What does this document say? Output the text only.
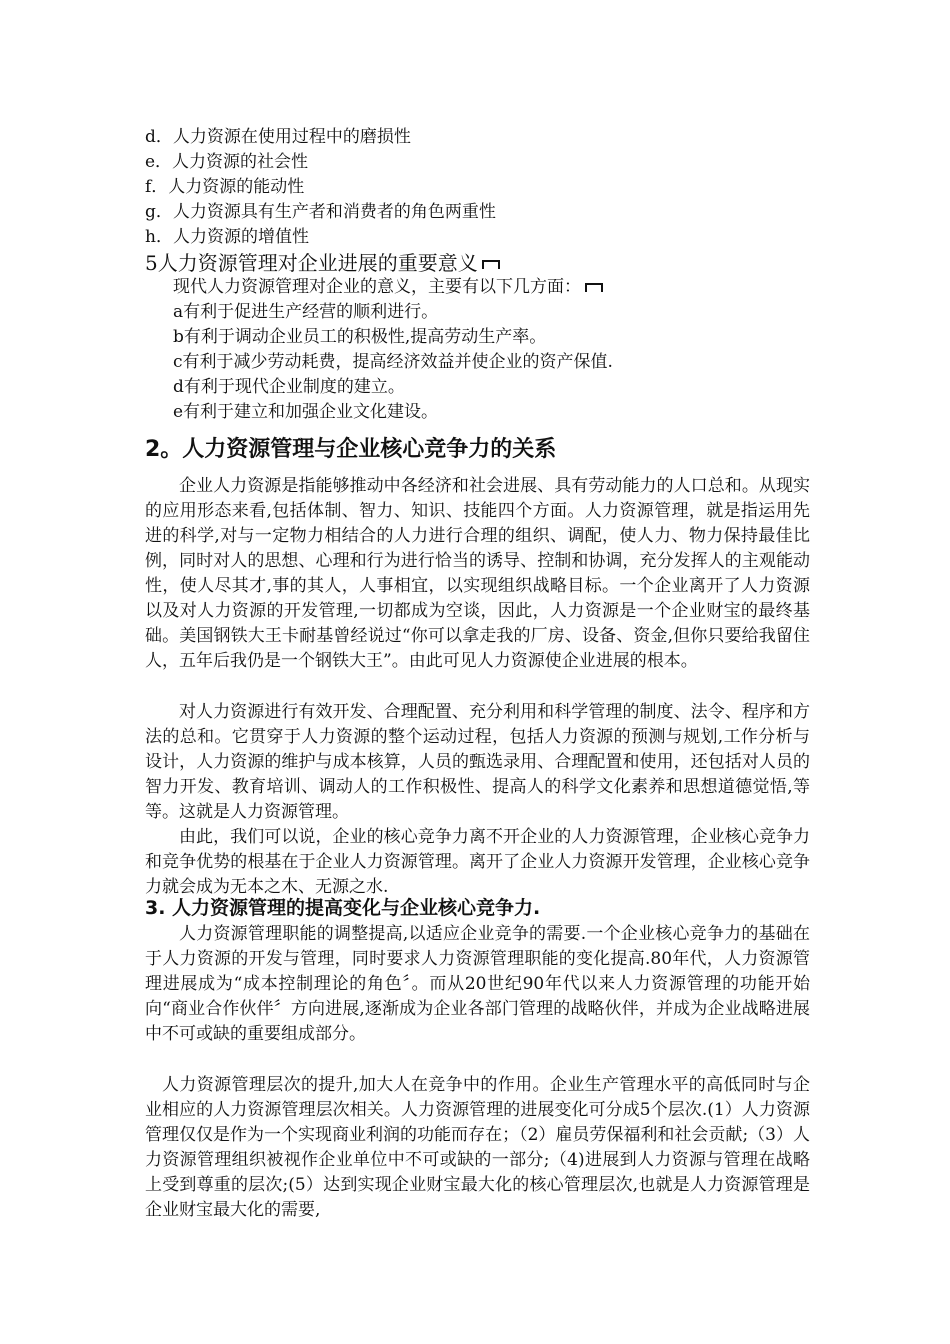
d．人力资源在使用过程中的磨损性
e．人力资源的社会性
f．人力资源的能动性
g．人力资源具有生产者和消费者的角色两重性
h．人力资源的增值性
5人力资源管理对企业进展的重要意义
现代人力资源管理对企业的意义，主要有以下几方面：
a有利于促进生产经营的顺利进行。
b有利于调动企业员工的积极性,提高劳动生产率。
c有利于减少劳动耗费，提高经济效益并使企业的资产保值.
d有利于现代企业制度的建立。
e有利于建立和加强企业文化建设。
2。人力资源管理与企业核心竞争力的关系
企业人力资源是指能够推动中各经济和社会进展、具有劳动能力的人口总和。从现实的应用形态来看,包括体制、智力、知识、技能四个方面。人力资源管理，就是指运用先进的科学,对与一定物力相结合的人力进行合理的组织、调配，使人力、物力保持最佳比例，同时对人的思想、心理和行为进行恰当的诱导、控制和协调，充分发挥人的主观能动性，使人尽其才,事的其人，人事相宜，以实现组织战略目标。一个企业离开了人力资源以及对人力资源的开发管理,一切都成为空谈，因此，人力资源是一个企业财宝的最终基础。美国钢铁大王卡耐基曾经说过“你可以拿走我的厂房、设备、资金,但你只要给我留住人，五年后我仍是一个钢铁大王”。由此可见人力资源使企业进展的根本。
对人力资源进行有效开发、合理配置、充分利用和科学管理的制度、法令、程序和方法的总和。它贯穿于人力资源的整个运动过程，包括人力资源的预测与规划,工作分析与设计，人力资源的维护与成本核算，人员的甄选录用、合理配置和使用，还包括对人员的智力开发、教育培训、调动人的工作积极性、提高人的科学文化素养和思想道德觉悟,等等。这就是人力资源管理。
由此，我们可以说，企业的核心竞争力离不开企业的人力资源管理，企业核心竞争力和竞争优势的根基在于企业人力资源管理。离开了企业人力资源开发管理，企业核心竞争力就会成为无本之木、无源之水.
3. 人力资源管理的提高变化与企业核心竞争力.
人力资源管理职能的调整提高,以适应企业竞争的需要.一个企业核心竞争力的基础在于人力资源的开发与管理，同时要求人力资源管理职能的变化提高.80年代，人力资源管理进展成为“成本控制理论的角色〞。而从20世纪90年代以来人力资源管理的功能开始向“商业合作伙伴〞方向进展,逐渐成为企业各部门管理的战略伙伴，并成为企业战略进展中不可或缺的重要组成部分。
人力资源管理层次的提升,加大人在竞争中的作用。企业生产管理水平的高低同时与企业相应的人力资源管理层次相关。人力资源管理的进展变化可分成5个层次.(1）人力资源管理仅仅是作为一个实现商业利润的功能而存在；（2）雇员劳保福利和社会贡献;（3）人力资源管理组织被视作企业单位中不可或缺的一部分;（4)进展到人力资源与管理在战略上受到尊重的层次;(5）达到实现企业财宝最大化的核心管理层次,也就是人力资源管理是企业财宝最大化的需要,
